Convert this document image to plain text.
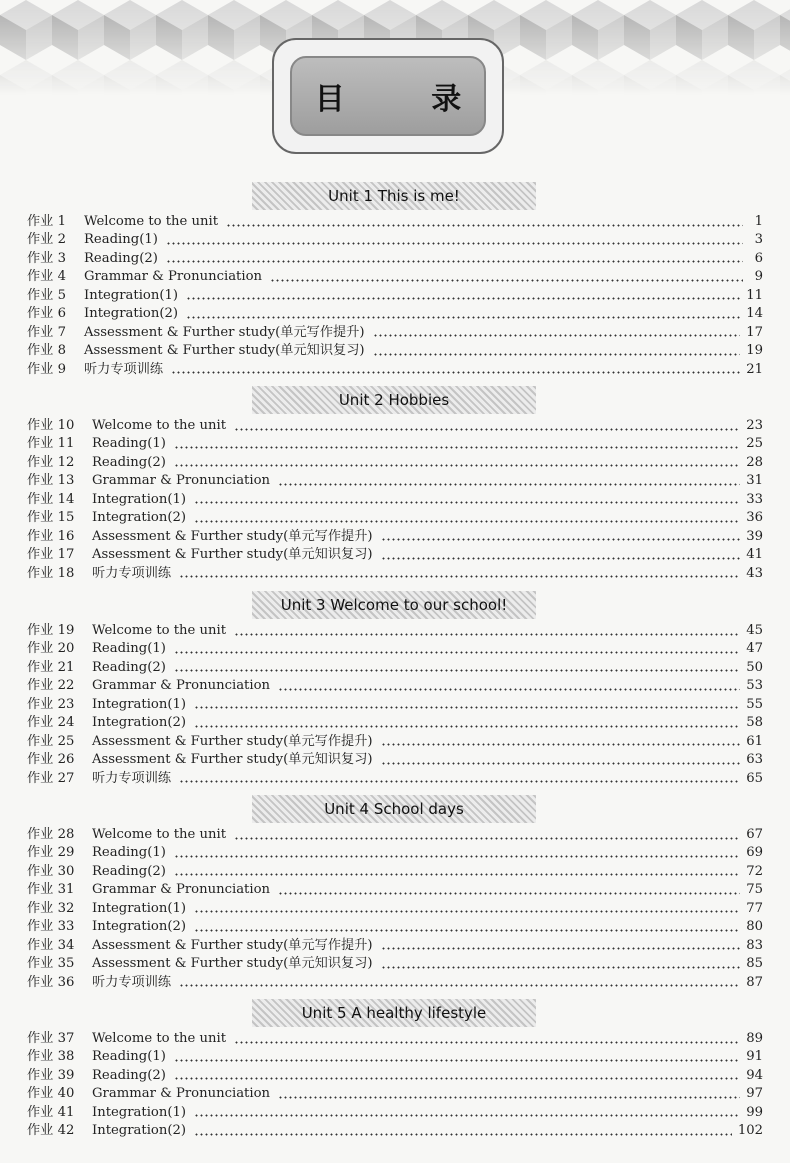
目 录
Unit 1 This is me!
作业 1	Welcome to the unit	1
作业 2	Reading(1)	3
作业 3	Reading(2)	6
作业 4	Grammar & Pronunciation	9
作业 5	Integration(1)	11
作业 6	Integration(2)	14
作业 7	Assessment & Further study(单元写作提升)	17
作业 8	Assessment & Further study(单元知识复习)	19
作业 9	听力专项训练	21
Unit 2 Hobbies
作业 10	Welcome to the unit	23
作业 11	Reading(1)	25
作业 12	Reading(2)	28
作业 13	Grammar & Pronunciation	31
作业 14	Integration(1)	33
作业 15	Integration(2)	36
作业 16	Assessment & Further study(单元写作提升)	39
作业 17	Assessment & Further study(单元知识复习)	41
作业 18	听力专项训练	43
Unit 3 Welcome to our school!
作业 19	Welcome to the unit	45
作业 20	Reading(1)	47
作业 21	Reading(2)	50
作业 22	Grammar & Pronunciation	53
作业 23	Integration(1)	55
作业 24	Integration(2)	58
作业 25	Assessment & Further study(单元写作提升)	61
作业 26	Assessment & Further study(单元知识复习)	63
作业 27	听力专项训练	65
Unit 4 School days
作业 28	Welcome to the unit	67
作业 29	Reading(1)	69
作业 30	Reading(2)	72
作业 31	Grammar & Pronunciation	75
作业 32	Integration(1)	77
作业 33	Integration(2)	80
作业 34	Assessment & Further study(单元写作提升)	83
作业 35	Assessment & Further study(单元知识复习)	85
作业 36	听力专项训练	87
Unit 5 A healthy lifestyle
作业 37	Welcome to the unit	89
作业 38	Reading(1)	91
作业 39	Reading(2)	94
作业 40	Grammar & Pronunciation	97
作业 41	Integration(1)	99
作业 42	Integration(2)	102
